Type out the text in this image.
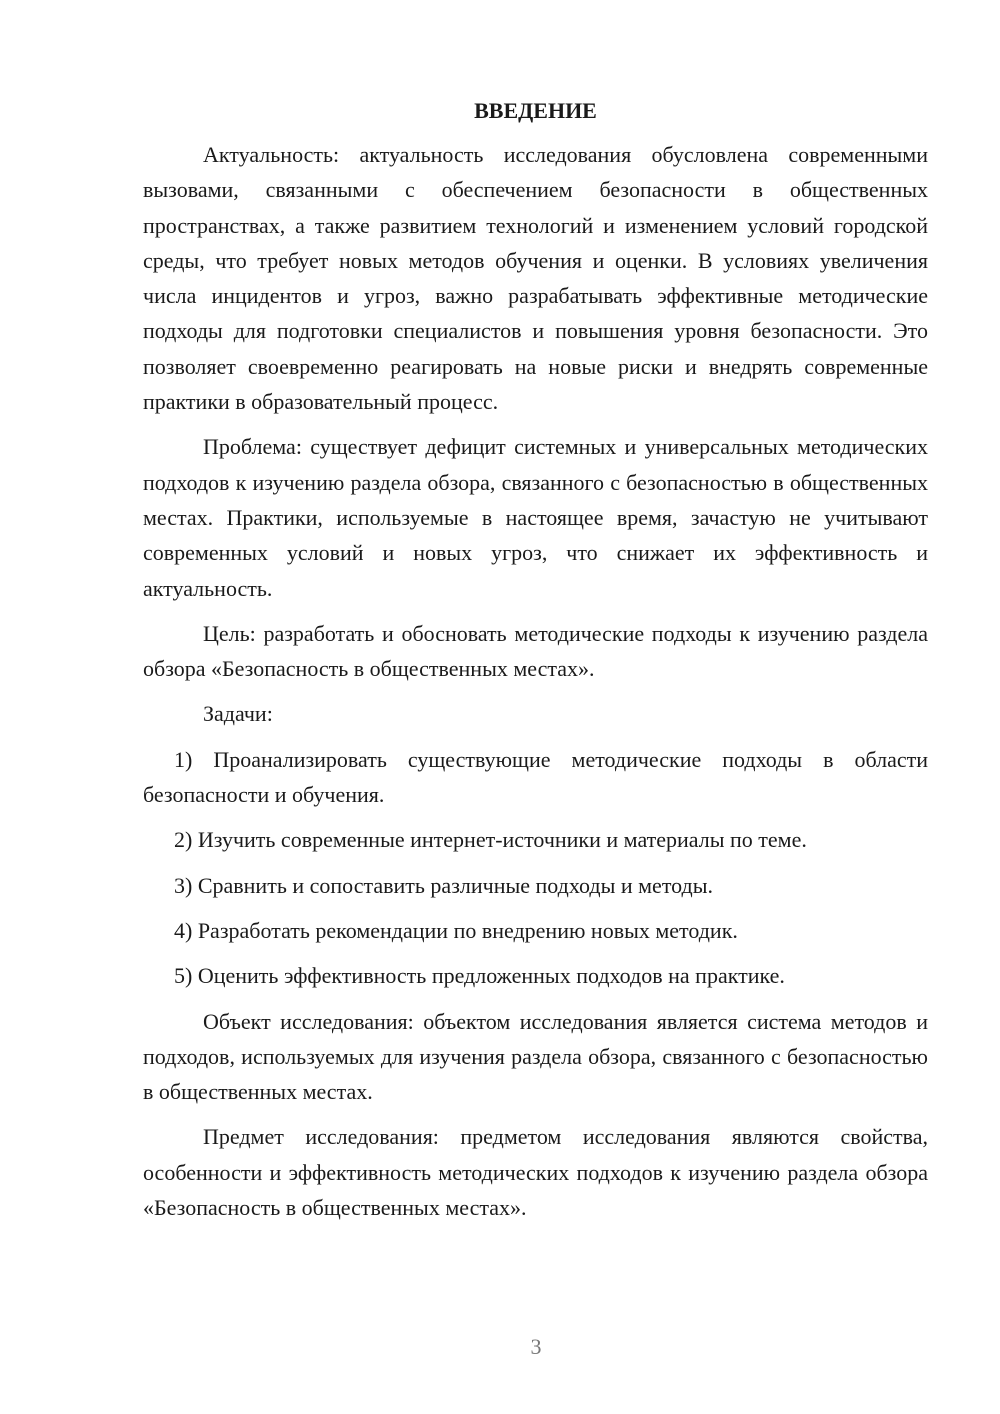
ВВЕДЕНИЕ

Актуальность: актуальность исследования обусловлена современными вызовами, связанными с обеспечением безопасности в общественных пространствах, а также развитием технологий и изменением условий городской среды, что требует новых методов обучения и оценки. В условиях увеличения числа инцидентов и угроз, важно разрабатывать эффективные методические подходы для подготовки специалистов и повышения уровня безопасности. Это позволяет своевременно реагировать на новые риски и внедрять современные практики в образовательный процесс.

Проблема: существует дефицит системных и универсальных методических подходов к изучению раздела обзора, связанного с безопасностью в общественных местах. Практики, используемые в настоящее время, зачастую не учитывают современных условий и новых угроз, что снижает их эффективность и актуальность.

Цель: разработать и обосновать методические подходы к изучению раздела обзора «Безопасность в общественных местах».

Задачи:

1) Проанализировать существующие методические подходы в области безопасности и обучения.

2) Изучить современные интернет-источники и материалы по теме.

3) Сравнить и сопоставить различные подходы и методы.

4) Разработать рекомендации по внедрению новых методик.

5) Оценить эффективность предложенных подходов на практике.

Объект исследования: объектом исследования является система методов и подходов, используемых для изучения раздела обзора, связанного с безопасностью в общественных местах.

Предмет исследования: предметом исследования являются свойства, особенности и эффективность методических подходов к изучению раздела обзора «Безопасность в общественных местах».

3
